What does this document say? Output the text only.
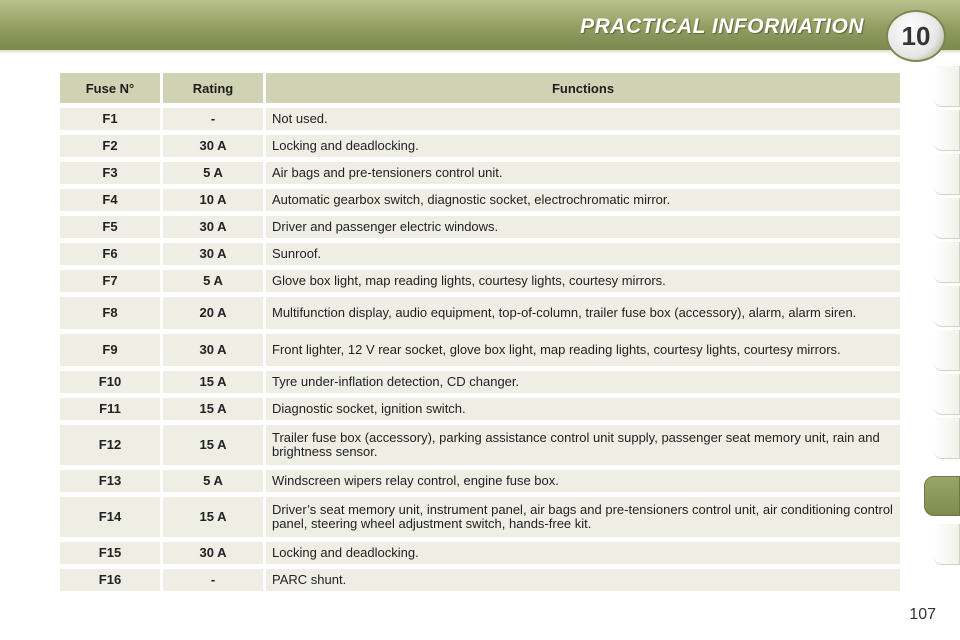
PRACTICAL INFORMATION	10
Fuse N°	Rating	Functions
F1	-	Not used.
F2	30 A	Locking and deadlocking.
F3	5 A	Air bags and pre-tensioners control unit.
F4	10 A	Automatic gearbox switch, diagnostic socket, electrochromatic mirror.
F5	30 A	Driver and passenger electric windows.
F6	30 A	Sunroof.
F7	5 A	Glove box light, map reading lights, courtesy lights, courtesy mirrors.
F8	20 A	Multifunction display, audio equipment, top-of-column, trailer fuse box (accessory), alarm, alarm siren.
F9	30 A	Front lighter, 12 V rear socket, glove box light, map reading lights, courtesy lights, courtesy mirrors.
F10	15 A	Tyre under-inflation detection, CD changer.
F11	15 A	Diagnostic socket, ignition switch.
F12	15 A	Trailer fuse box (accessory), parking assistance control unit supply, passenger seat memory unit, rain and brightness sensor.
F13	5 A	Windscreen wipers relay control, engine fuse box.
F14	15 A	Driver’s seat memory unit, instrument panel, air bags and pre-tensioners control unit, air conditioning control panel, steering wheel adjustment switch, hands-free kit.
F15	30 A	Locking and deadlocking.
F16	-	PARC shunt.
107
